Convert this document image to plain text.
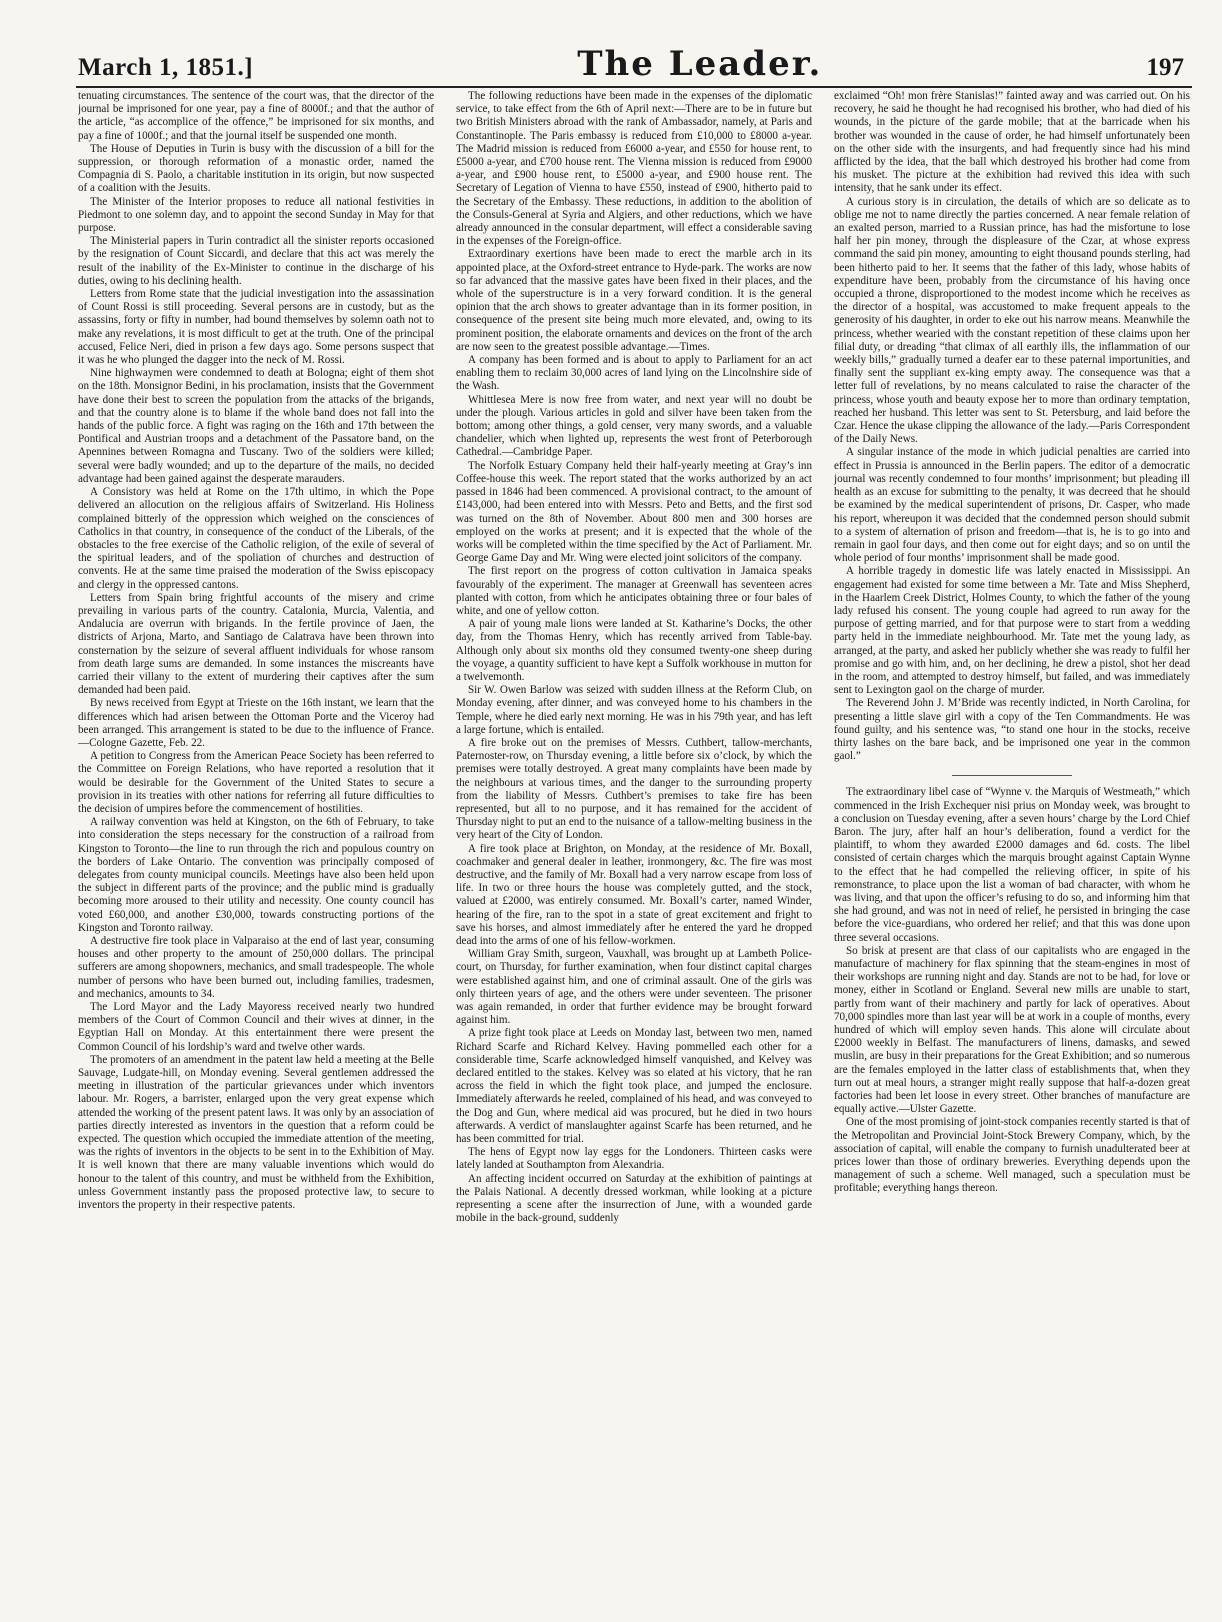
March 1, 1851.]	The Leader.	197

tenuating circumstances. The sentence of the court was, that the director of the journal be imprisoned for one year, pay a fine of 8000f.; and that the author of the article, “as accomplice of the offence,” be imprisoned for six months, and pay a fine of 1000f.; and that the journal itself be suspended one month.

The House of Deputies in Turin is busy with the discussion of a bill for the suppression, or thorough reformation of a monastic order, named the Compagnia di S. Paolo, a charitable institution in its origin, but now suspected of a coalition with the Jesuits.

The Minister of the Interior proposes to reduce all national festivities in Piedmont to one solemn day, and to appoint the second Sunday in May for that purpose.

The Ministerial papers in Turin contradict all the sinister reports occasioned by the resignation of Count Siccardi, and declare that this act was merely the result of the inability of the Ex-Minister to continue in the discharge of his duties, owing to his declining health.

Letters from Rome state that the judicial investigation into the assassination of Count Rossi is still proceeding. Several persons are in custody, but as the assassins, forty or fifty in number, had bound themselves by solemn oath not to make any revelations, it is most difficult to get at the truth. One of the principal accused, Felice Neri, died in prison a few days ago. Some persons suspect that it was he who plunged the dagger into the neck of M. Rossi.

Nine highwaymen were condemned to death at Bologna; eight of them shot on the 18th. Monsignor Bedini, in his proclamation, insists that the Government have done their best to screen the population from the attacks of the brigands, and that the country alone is to blame if the whole band does not fall into the hands of the public force. A fight was raging on the 16th and 17th between the Pontifical and Austrian troops and a detachment of the Passatore band, on the Apennines between Romagna and Tuscany. Two of the soldiers were killed; several were badly wounded; and up to the departure of the mails, no decided advantage had been gained against the desperate marauders.

A Consistory was held at Rome on the 17th ultimo, in which the Pope delivered an allocution on the religious affairs of Switzerland. His Holiness complained bitterly of the oppression which weighed on the consciences of Catholics in that country, in consequence of the conduct of the Liberals, of the obstacles to the free exercise of the Catholic religion, of the exile of several of the spiritual leaders, and of the spoliation of churches and destruction of convents. He at the same time praised the moderation of the Swiss episcopacy and clergy in the oppressed cantons.

Letters from Spain bring frightful accounts of the misery and crime prevailing in various parts of the country. Catalonia, Murcia, Valentia, and Andalucia are overrun with brigands. In the fertile province of Jaen, the districts of Arjona, Marto, and Santiago de Calatrava have been thrown into consternation by the seizure of several affluent individuals for whose ransom from death large sums are demanded. In some instances the miscreants have carried their villany to the extent of murdering their captives after the sum demanded had been paid.

By news received from Egypt at Trieste on the 16th instant, we learn that the differences which had arisen between the Ottoman Porte and the Viceroy had been arranged. This arrangement is stated to be due to the influence of France.—Cologne Gazette, Feb. 22.

A petition to Congress from the American Peace Society has been referred to the Committee on Foreign Relations, who have reported a resolution that it would be desirable for the Government of the United States to secure a provision in its treaties with other nations for referring all future difficulties to the decision of umpires before the commencement of hostilities.

A railway convention was held at Kingston, on the 6th of February, to take into consideration the steps necessary for the construction of a railroad from Kingston to Toronto—the line to run through the rich and populous country on the borders of Lake Ontario. The convention was principally composed of delegates from county municipal councils. Meetings have also been held upon the subject in different parts of the province; and the public mind is gradually becoming more aroused to their utility and necessity. One county council has voted £60,000, and another £30,000, towards constructing portions of the Kingston and Toronto railway.

A destructive fire took place in Valparaiso at the end of last year, consuming houses and other property to the amount of 250,000 dollars. The principal sufferers are among shopowners, mechanics, and small tradespeople. The whole number of persons who have been burned out, including families, tradesmen, and mechanics, amounts to 34.

The Lord Mayor and the Lady Mayoress received nearly two hundred members of the Court of Common Council and their wives at dinner, in the Egyptian Hall on Monday. At this entertainment there were present the Common Council of his lordship’s ward and twelve other wards.

The promoters of an amendment in the patent law held a meeting at the Belle Sauvage, Ludgate-hill, on Monday evening. Several gentlemen addressed the meeting in illustration of the particular grievances under which inventors labour. Mr. Rogers, a barrister, enlarged upon the very great expense which attended the working of the present patent laws. It was only by an association of parties directly interested as inventors in the question that a reform could be expected. The question which occupied the immediate attention of the meeting, was the rights of inventors in the objects to be sent in to the Exhibition of May. It is well known that there are many valuable inventions which would do honour to the talent of this country, and must be withheld from the Exhibition, unless Government instantly pass the proposed protective law, to secure to inventors the property in their respective patents.

The following reductions have been made in the expenses of the diplomatic service, to take effect from the 6th of April next:—There are to be in future but two British Ministers abroad with the rank of Ambassador, namely, at Paris and Constantinople. The Paris embassy is reduced from £10,000 to £8000 a-year. The Madrid mission is reduced from £6000 a-year, and £550 for house rent, to £5000 a-year, and £700 house rent. The Vienna mission is reduced from £9000 a-year, and £900 house rent, to £5000 a-year, and £900 house rent. The Secretary of Legation of Vienna to have £550, instead of £900, hitherto paid to the Secretary of the Embassy. These reductions, in addition to the abolition of the Consuls-General at Syria and Algiers, and other reductions, which we have already announced in the consular department, will effect a considerable saving in the expenses of the Foreign-office.

Extraordinary exertions have been made to erect the marble arch in its appointed place, at the Oxford-street entrance to Hyde-park. The works are now so far advanced that the massive gates have been fixed in their places, and the whole of the superstructure is in a very forward condition. It is the general opinion that the arch shows to greater advantage than in its former position, in consequence of the present site being much more elevated, and, owing to its prominent position, the elaborate ornaments and devices on the front of the arch are now seen to the greatest possible advantage.—Times.

A company has been formed and is about to apply to Parliament for an act enabling them to reclaim 30,000 acres of land lying on the Lincolnshire side of the Wash.

Whittlesea Mere is now free from water, and next year will no doubt be under the plough. Various articles in gold and silver have been taken from the bottom; among other things, a gold censer, very many swords, and a valuable chandelier, which when lighted up, represents the west front of Peterborough Cathedral.—Cambridge Paper.

The Norfolk Estuary Company held their half-yearly meeting at Gray’s inn Coffee-house this week. The report stated that the works authorized by an act passed in 1846 had been commenced. A provisional contract, to the amount of £143,000, had been entered into with Messrs. Peto and Betts, and the first sod was turned on the 8th of November. About 800 men and 300 horses are employed on the works at present; and it is expected that the whole of the works will be completed within the time specified by the Act of Parliament. Mr. George Game Day and Mr. Wing were elected joint solicitors of the company.

The first report on the progress of cotton cultivation in Jamaica speaks favourably of the experiment. The manager at Greenwall has seventeen acres planted with cotton, from which he anticipates obtaining three or four bales of white, and one of yellow cotton.

A pair of young male lions were landed at St. Katharine’s Docks, the other day, from the Thomas Henry, which has recently arrived from Table-bay. Although only about six months old they consumed twenty-one sheep during the voyage, a quantity sufficient to have kept a Suffolk workhouse in mutton for a twelvemonth.

Sir W. Owen Barlow was seized with sudden illness at the Reform Club, on Monday evening, after dinner, and was conveyed home to his chambers in the Temple, where he died early next morning. He was in his 79th year, and has left a large fortune, which is entailed.

A fire broke out on the premises of Messrs. Cuthbert, tallow-merchants, Paternoster-row, on Thursday evening, a little before six o’clock, by which the premises were totally destroyed. A great many complaints have been made by the neighbours at various times, and the danger to the surrounding property from the liability of Messrs. Cuthbert’s premises to take fire has been represented, but all to no purpose, and it has remained for the accident of Thursday night to put an end to the nuisance of a tallow-melting business in the very heart of the City of London.

A fire took place at Brighton, on Monday, at the residence of Mr. Boxall, coachmaker and general dealer in leather, ironmongery, &c. The fire was most destructive, and the family of Mr. Boxall had a very narrow escape from loss of life. In two or three hours the house was completely gutted, and the stock, valued at £2000, was entirely consumed. Mr. Boxall’s carter, named Winder, hearing of the fire, ran to the spot in a state of great excitement and fright to save his horses, and almost immediately after he entered the yard he dropped dead into the arms of one of his fellow-workmen.

William Gray Smith, surgeon, Vauxhall, was brought up at Lambeth Police-court, on Thursday, for further examination, when four distinct capital charges were established against him, and one of criminal assault. One of the girls was only thirteen years of age, and the others were under seventeen. The prisoner was again remanded, in order that further evidence may be brought forward against him.

A prize fight took place at Leeds on Monday last, between two men, named Richard Scarfe and Richard Kelvey. Having pommelled each other for a considerable time, Scarfe acknowledged himself vanquished, and Kelvey was declared entitled to the stakes. Kelvey was so elated at his victory, that he ran across the field in which the fight took place, and jumped the enclosure. Immediately afterwards he reeled, complained of his head, and was conveyed to the Dog and Gun, where medical aid was procured, but he died in two hours afterwards. A verdict of manslaughter against Scarfe has been returned, and he has been committed for trial.

The hens of Egypt now lay eggs for the Londoners. Thirteen casks were lately landed at Southampton from Alexandria.

An affecting incident occurred on Saturday at the exhibition of paintings at the Palais National. A decently dressed workman, while looking at a picture representing a scene after the insurrection of June, with a wounded garde mobile in the back-ground, suddenly

exclaimed “Oh! mon frère Stanislas!” fainted away and was carried out. On his recovery, he said he thought he had recognised his brother, who had died of his wounds, in the picture of the garde mobile; that at the barricade when his brother was wounded in the cause of order, he had himself unfortunately been on the other side with the insurgents, and had frequently since had his mind afflicted by the idea, that the ball which destroyed his brother had come from his musket. The picture at the exhibition had revived this idea with such intensity, that he sank under its effect.

A curious story is in circulation, the details of which are so delicate as to oblige me not to name directly the parties concerned. A near female relation of an exalted person, married to a Russian prince, has had the misfortune to lose half her pin money, through the displeasure of the Czar, at whose express command the said pin money, amounting to eight thousand pounds sterling, had been hitherto paid to her. It seems that the father of this lady, whose habits of expenditure have been, probably from the circumstance of his having once occupied a throne, disproportioned to the modest income which he receives as the director of a hospital, was accustomed to make frequent appeals to the generosity of his daughter, in order to eke out his narrow means. Meanwhile the princess, whether wearied with the constant repetition of these claims upon her filial duty, or dreading “that climax of all earthly ills, the inflammation of our weekly bills,” gradually turned a deafer ear to these paternal importunities, and finally sent the suppliant ex-king empty away. The consequence was that a letter full of revelations, by no means calculated to raise the character of the princess, whose youth and beauty expose her to more than ordinary temptation, reached her husband. This letter was sent to St. Petersburg, and laid before the Czar. Hence the ukase clipping the allowance of the lady.—Paris Correspondent of the Daily News.

A singular instance of the mode in which judicial penalties are carried into effect in Prussia is announced in the Berlin papers. The editor of a democratic journal was recently condemned to four months’ imprisonment; but pleading ill health as an excuse for submitting to the penalty, it was decreed that he should be examined by the medical superintendent of prisons, Dr. Casper, who made his report, whereupon it was decided that the condemned person should submit to a system of alternation of prison and freedom—that is, he is to go into and remain in gaol four days, and then come out for eight days; and so on until the whole period of four months’ imprisonment shall be made good.

A horrible tragedy in domestic life was lately enacted in Mississippi. An engagement had existed for some time between a Mr. Tate and Miss Shepherd, in the Haarlem Creek District, Holmes County, to which the father of the young lady refused his consent. The young couple had agreed to run away for the purpose of getting married, and for that purpose were to start from a wedding party held in the immediate neighbourhood. Mr. Tate met the young lady, as arranged, at the party, and asked her publicly whether she was ready to fulfil her promise and go with him, and, on her declining, he drew a pistol, shot her dead in the room, and attempted to destroy himself, but failed, and was immediately sent to Lexington gaol on the charge of murder.

The Reverend John J. M’Bride was recently indicted, in North Carolina, for presenting a little slave girl with a copy of the Ten Commandments. He was found guilty, and his sentence was, “to stand one hour in the stocks, receive thirty lashes on the bare back, and be imprisoned one year in the common gaol.”

The extraordinary libel case of “Wynne v. the Marquis of Westmeath,” which commenced in the Irish Exchequer nisi prius on Monday week, was brought to a conclusion on Tuesday evening, after a seven hours’ charge by the Lord Chief Baron. The jury, after half an hour’s deliberation, found a verdict for the plaintiff, to whom they awarded £2000 damages and 6d. costs. The libel consisted of certain charges which the marquis brought against Captain Wynne to the effect that he had compelled the relieving officer, in spite of his remonstrance, to place upon the list a woman of bad character, with whom he was living, and that upon the officer’s refusing to do so, and informing him that she had ground, and was not in need of relief, he persisted in bringing the case before the vice-guardians, who ordered her relief; and that this was done upon three several occasions.

So brisk at present are that class of our capitalists who are engaged in the manufacture of machinery for flax spinning that the steam-engines in most of their workshops are running night and day. Stands are not to be had, for love or money, either in Scotland or England. Several new mills are unable to start, partly from want of their machinery and partly for lack of operatives. About 70,000 spindles more than last year will be at work in a couple of months, every hundred of which will employ seven hands. This alone will circulate about £2000 weekly in Belfast. The manufacturers of linens, damasks, and sewed muslin, are busy in their preparations for the Great Exhibition; and so numerous are the females employed in the latter class of establishments that, when they turn out at meal hours, a stranger might really suppose that half-a-dozen great factories had been let loose in every street. Other branches of manufacture are equally active.—Ulster Gazette.

One of the most promising of joint-stock companies recently started is that of the Metropolitan and Provincial Joint-Stock Brewery Company, which, by the association of capital, will enable the company to furnish unadulterated beer at prices lower than those of ordinary breweries. Everything depends upon the management of such a scheme. Well managed, such a speculation must be profitable; everything hangs thereon.
